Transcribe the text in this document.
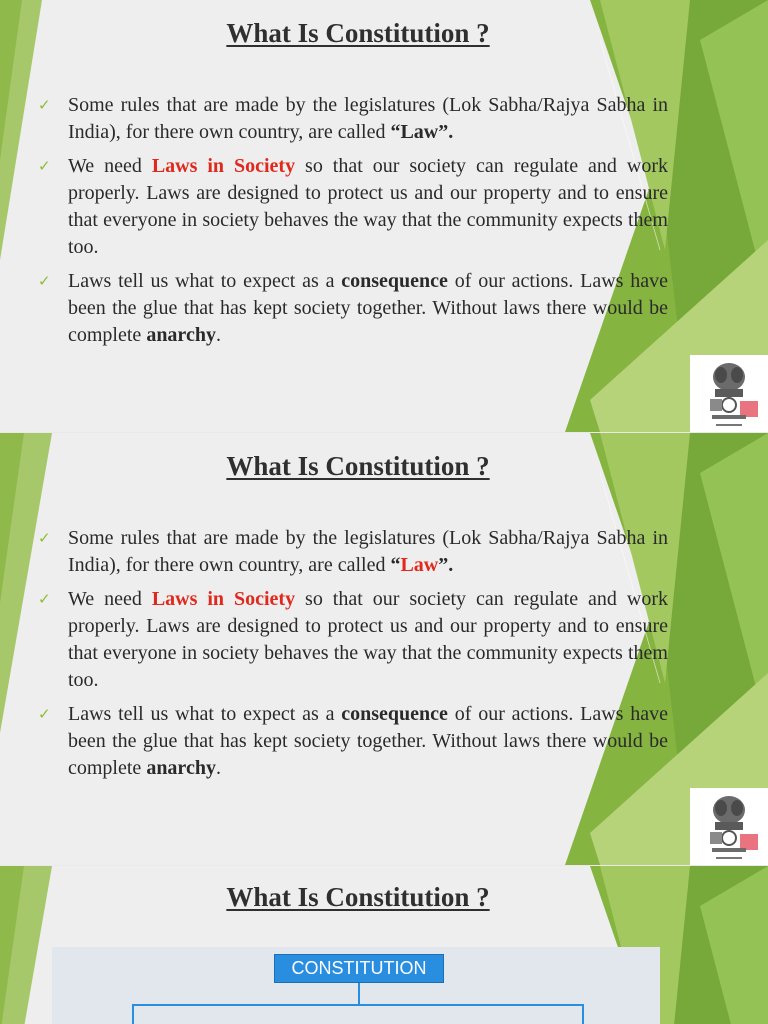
What Is Constitution ?
✓ Some rules that are made by the legislatures (Lok Sabha/Rajya Sabha in India), for there own country, are called “Law”.
✓ We need Laws in Society so that our society can regulate and work properly. Laws are designed to protect us and our property and to ensure that everyone in society behaves the way that the community expects them too.
✓ Laws tell us what to expect as a consequence of our actions. Laws have been the glue that has kept society together. Without laws there would be complete anarchy.
What Is Constitution ?
✓ Some rules that are made by the legislatures (Lok Sabha/Rajya Sabha in India), for there own country, are called “Law”.
✓ We need Laws in Society so that our society can regulate and work properly. Laws are designed to protect us and our property and to ensure that everyone in society behaves the way that the community expects them too.
✓ Laws tell us what to expect as a consequence of our actions. Laws have been the glue that has kept society together. Without laws there would be complete anarchy.
What Is Constitution ?
CONSTITUTION
